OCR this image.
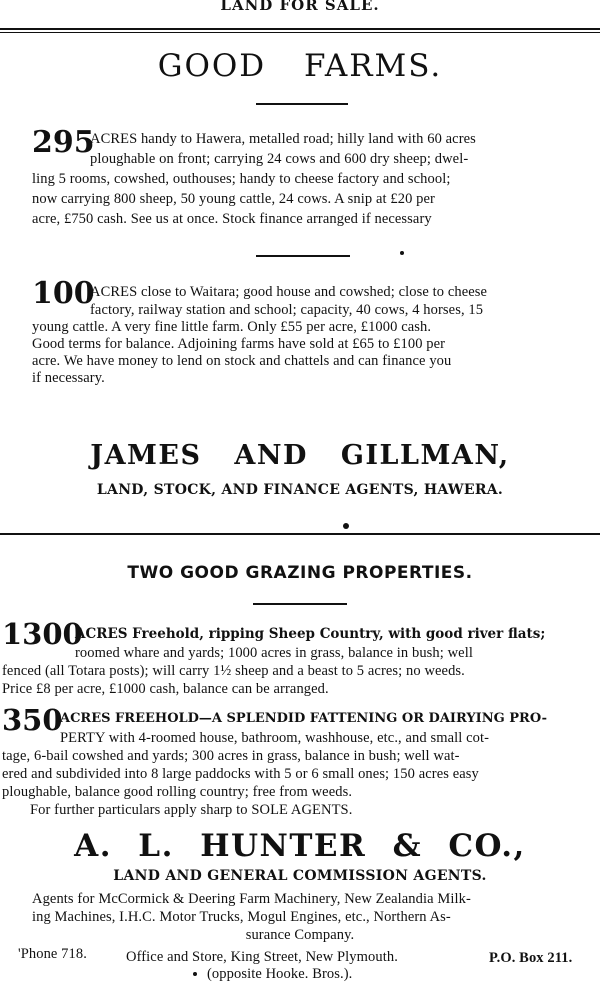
LAND FOR SALE.
GOOD FARMS.
295
ACRES handy to Hawera, metalled road; hilly land with 60 acres
ploughable on front; carrying 24 cows and 600 dry sheep; dwel-
ling 5 rooms, cowshed, outhouses; handy to cheese factory and school;
now carrying 800 sheep, 50 young cattle, 24 cows. A snip at £20 per
acre, £750 cash. See us at once. Stock finance arranged if necessary
100
ACRES close to Waitara; good house and cowshed; close to cheese
factory, railway station and school; capacity, 40 cows, 4 horses, 15
young cattle. A very fine little farm. Only £55 per acre, £1000 cash.
Good terms for balance. Adjoining farms have sold at £65 to £100 per
acre. We have money to lend on stock and chattels and can finance you
if necessary.
JAMES AND GILLMAN,
LAND, STOCK, AND FINANCE AGENTS, HAWERA.
TWO GOOD GRAZING PROPERTIES.
1300
ACRES Freehold, ripping Sheep Country, with good river flats;
roomed whare and yards; 1000 acres in grass, balance in bush; well
fenced (all Totara posts); will carry 1½ sheep and a beast to 5 acres; no weeds.
Price £8 per acre, £1000 cash, balance can be arranged.
350
ACRES FREEHOLD—A SPLENDID FATTENING OR DAIRYING PRO-
PERTY with 4-roomed house, bathroom, washhouse, etc., and small cot-
tage, 6-bail cowshed and yards; 300 acres in grass, balance in bush; well wat-
ered and subdivided into 8 large paddocks with 5 or 6 small ones; 150 acres easy
ploughable, balance good rolling country; free from weeds.
For further particulars apply sharp to SOLE AGENTS.
A. L. HUNTER & CO.,
LAND AND GENERAL COMMISSION AGENTS.
Agents for McCormick & Deering Farm Machinery, New Zealandia Milk-
ing Machines, I.H.C. Motor Trucks, Mogul Engines, etc., Northern As-
surance Company.
'Phone 718.	Office and Store, King Street, New Plymouth.	P.O. Box 211.
(opposite Hooke. Bros.).
